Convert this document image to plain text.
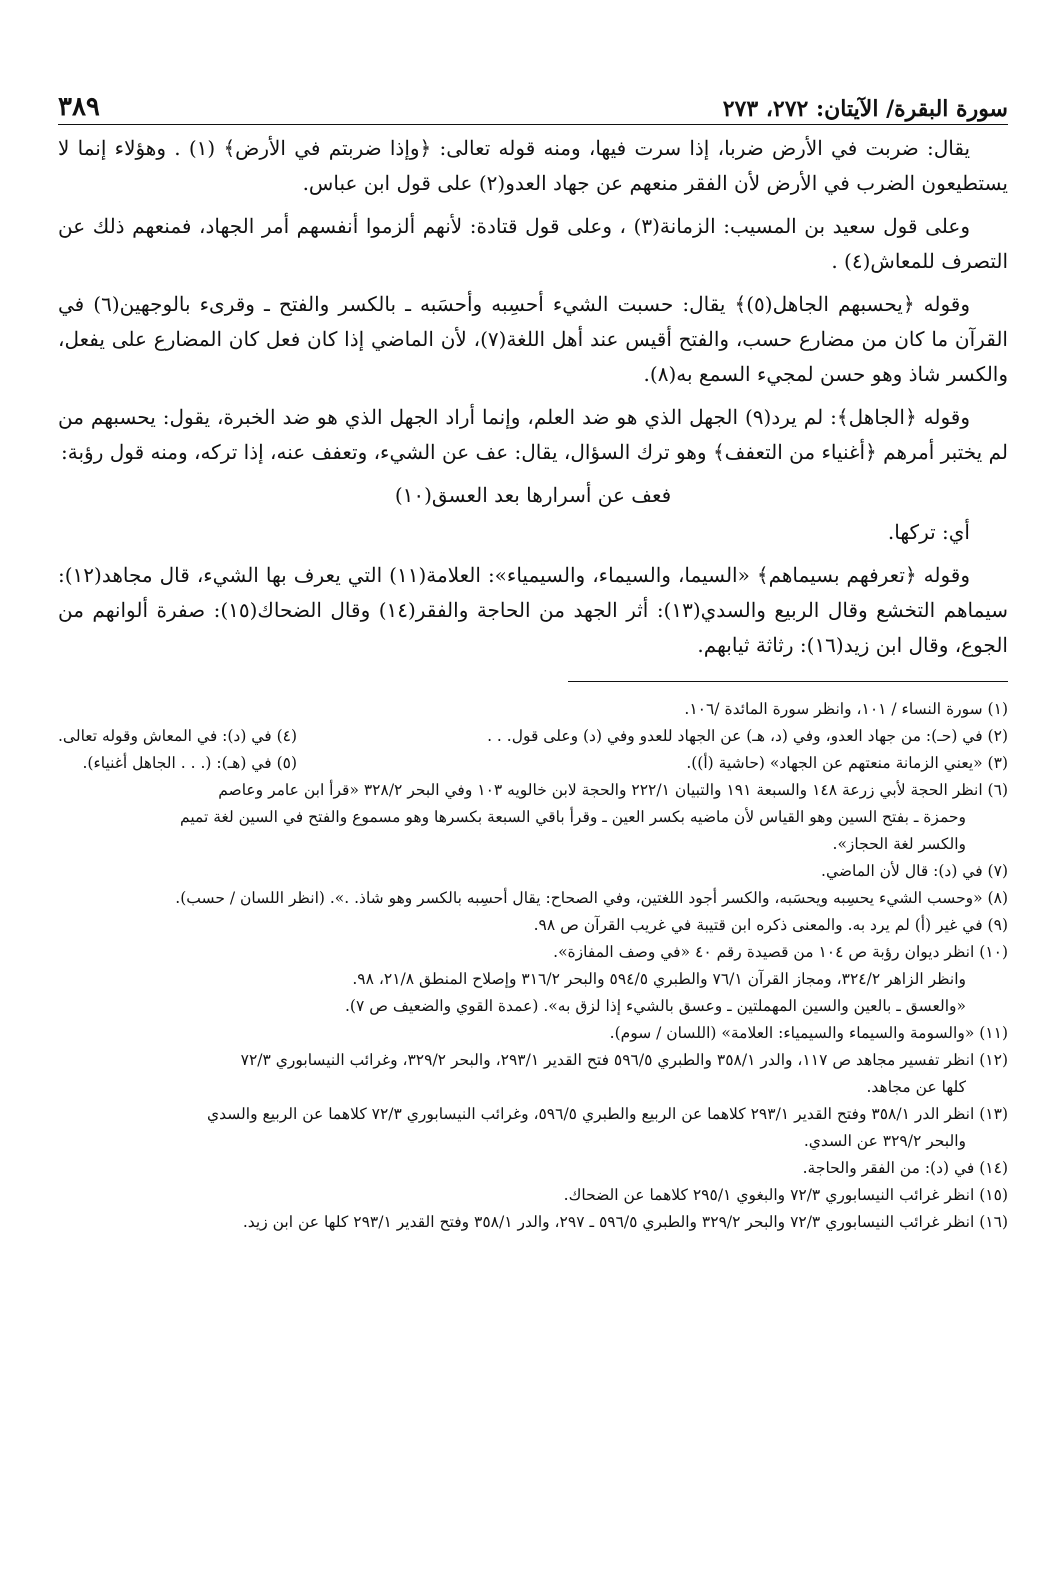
سورة البقرة/ الآيتان: ٢٧٢، ٢٧٣
٣٨٩

يقال: ضربت في الأرض ضربا، إذا سرت فيها، ومنه قوله تعالى: ﴿وإذا ضربتم في الأرض﴾ (١) . وهؤلاء إنما لا يستطيعون الضرب في الأرض لأن الفقر منعهم عن جهاد العدو(٢) على قول ابن عباس.

وعلى قول سعيد بن المسيب: الزمانة(٣) ، وعلى قول قتادة: لأنهم ألزموا أنفسهم أمر الجهاد، فمنعهم ذلك عن التصرف للمعاش(٤) .

وقوله ﴿يحسبهم الجاهل(٥)﴾ يقال: حسبت الشيء أحسِبه وأحسَبه ـ بالكسر والفتح ـ وقرىء بالوجهين(٦) في القرآن ما كان من مضارع حسب، والفتح أقيس عند أهل اللغة(٧)، لأن الماضي إذا كان فعل كان المضارع على يفعل، والكسر شاذ وهو حسن لمجيء السمع به(٨).

وقوله ﴿الجاهل﴾: لم يرد(٩) الجهل الذي هو ضد العلم، وإنما أراد الجهل الذي هو ضد الخبرة، يقول: يحسبهم من لم يختبر أمرهم ﴿أغنياء من التعفف﴾ وهو ترك السؤال، يقال: عف عن الشيء، وتعفف عنه، إذا تركه، ومنه قول رؤبة:

فعف عن أسرارها بعد العسق(١٠)

أي: تركها.

وقوله ﴿تعرفهم بسيماهم﴾ «السيما، والسيماء، والسيمياء»: العلامة(١١) التي يعرف بها الشيء، قال مجاهد(١٢): سيماهم التخشع وقال الربيع والسدي(١٣): أثر الجهد من الحاجة والفقر(١٤) وقال الضحاك(١٥): صفرة ألوانهم من الجوع، وقال ابن زيد(١٦): رثاثة ثيابهم.

(١) سورة النساء / ١٠١، وانظر سورة المائدة /١٠٦.

(٢) في (حـ): من جهاد العدو، وفي (د، هـ) عن الجهاد للعدو وفي (د) وعلى قول. . .

(٣) «يعني الزمانة منعتهم عن الجهاد» (حاشية (أ)).

(٤) في (د): في المعاش وقوله تعالى.

(٥) في (هـ): (. . . الجاهل أغنياء).

(٦) انظر الحجة لأبي زرعة ١٤٨ والسبعة ١٩١ والتبيان ٢٢٢/١ والحجة لابن خالويه ١٠٣ وفي البحر ٣٢٨/٢ «قرأ ابن عامر وعاصم

وحمزة ـ بفتح السين وهو القياس لأن ماضيه بكسر العين ـ وقرأ باقي السبعة بكسرها وهو مسموع والفتح في السين لغة تميم

والكسر لغة الحجاز».

(٧) في (د): قال لأن الماضي.

(٨) «وحسب الشيء يحسِبه ويحسَبه، والكسر أجود اللغتين، وفي الصحاح: يقال أحسِبه بالكسر وهو شاذ. .». (انظر اللسان / حسب).

(٩) في غير (أ) لم يرد به. والمعنى ذكره ابن قتيبة في غريب القرآن ص ٩٨.

(١٠) انظر ديوان رؤبة ص ١٠٤ من قصيدة رقم ٤٠ «في وصف المفازة».

وانظر الزاهر ٣٢٤/٢، ومجاز القرآن ٧٦/١ والطبري ٥٩٤/٥ والبحر ٣١٦/٢ وإصلاح المنطق ٢١/٨، ٩٨.

«والعسق ـ بالعين والسين المهملتين ـ وعسق بالشيء إذا لزق به». (عمدة القوي والضعيف ص ٧).

(١١) «والسومة والسيماء والسيمياء: العلامة» (اللسان / سوم).

(١٢) انظر تفسير مجاهد ص ١١٧، والدر ٣٥٨/١ والطبري ٥٩٦/٥ فتح القدير ٢٩٣/١، والبحر ٣٢٩/٢، وغرائب النيسابوري ٧٢/٣

كلها عن مجاهد.

(١٣) انظر الدر ٣٥٨/١ وفتح القدير ٢٩٣/١ كلاهما عن الربيع والطبري ٥٩٦/٥، وغرائب النيسابوري ٧٢/٣ كلاهما عن الربيع والسدي

والبحر ٣٢٩/٢ عن السدي.

(١٤) في (د): من الفقر والحاجة.

(١٥) انظر غرائب النيسابوري ٧٢/٣ والبغوي ٢٩٥/١ كلاهما عن الضحاك.

(١٦) انظر غرائب النيسابوري ٧٢/٣ والبحر ٣٢٩/٢ والطبري ٥٩٦/٥ ـ ٢٩٧، والدر ٣٥٨/١ وفتح القدير ٢٩٣/١ كلها عن ابن زيد.
